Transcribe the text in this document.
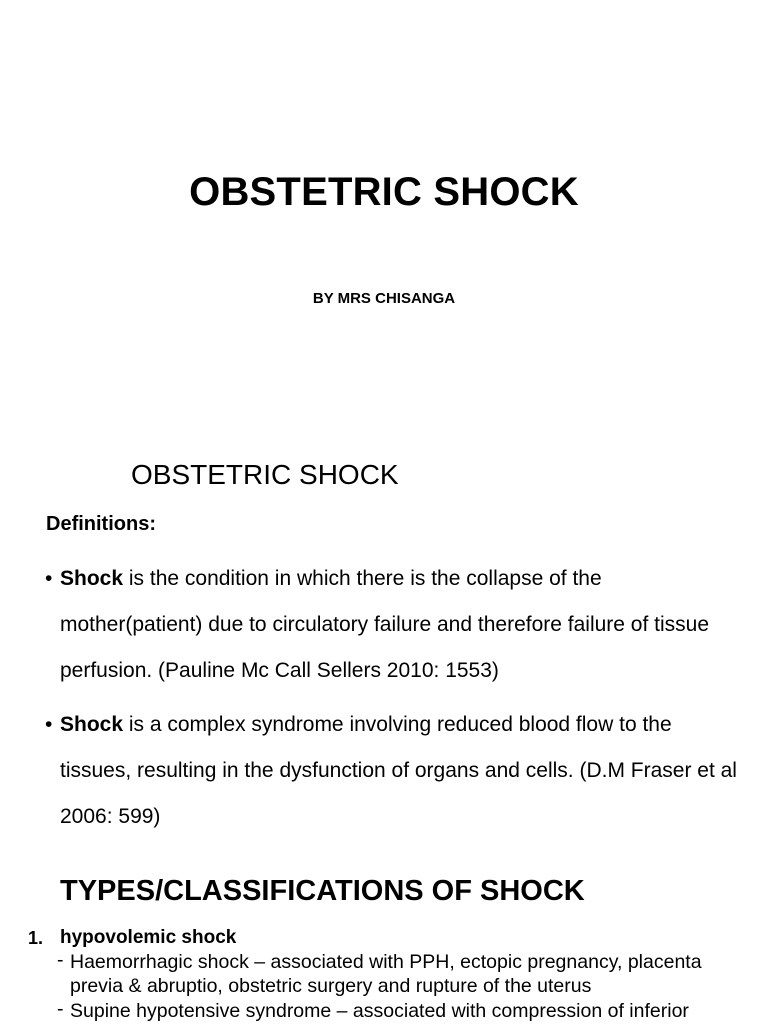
OBSTETRIC SHOCK
BY MRS CHISANGA
OBSTETRIC SHOCK
Definitions:
• Shock is the condition in which there is the collapse of the mother(patient) due to circulatory failure and therefore failure of tissue perfusion. (Pauline Mc Call Sellers 2010: 1553)
• Shock is a complex syndrome involving reduced blood flow to the tissues, resulting in the dysfunction of organs and cells. (D.M Fraser et al 2006: 599)
TYPES/CLASSIFICATIONS OF SHOCK
1. hypovolemic shock
- Haemorrhagic shock – associated with PPH, ectopic pregnancy, placenta previa & abruptio, obstetric surgery and rupture of the uterus
- Supine hypotensive syndrome – associated with compression of inferior
